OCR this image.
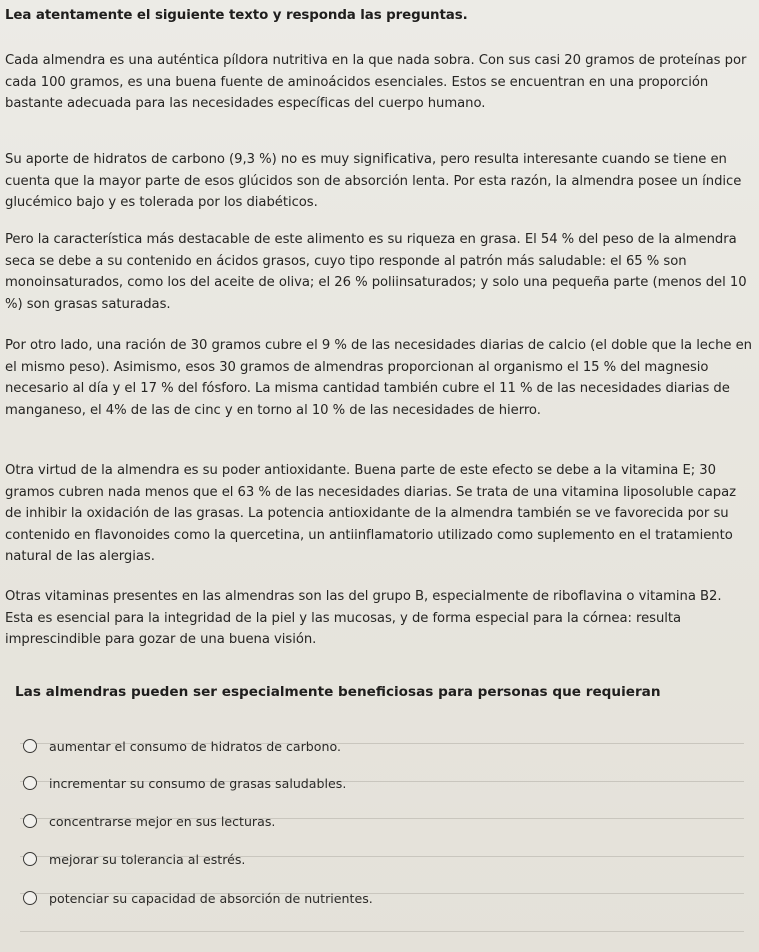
Lea atentamente el siguiente texto y responda las preguntas.
Cada almendra es una auténtica píldora nutritiva en la que nada sobra. Con sus casi 20 gramos de proteínas por cada 100 gramos, es una buena fuente de aminoácidos esenciales. Estos se encuentran en una proporción bastante adecuada para las necesidades específicas del cuerpo humano.
Su aporte de hidratos de carbono (9,3 %) no es muy significativa, pero resulta interesante cuando se tiene en cuenta que la mayor parte de esos glúcidos son de absorción lenta. Por esta razón, la almendra posee un índice glucémico bajo y es tolerada por los diabéticos.
Pero la característica más destacable de este alimento es su riqueza en grasa. El 54 % del peso de la almendra seca se debe a su contenido en ácidos grasos, cuyo tipo responde al patrón más saludable: el 65 % son monoinsaturados, como los del aceite de oliva; el 26 % poliinsaturados; y solo una pequeña parte (menos del 10 %) son grasas saturadas.
Por otro lado, una ración de 30 gramos cubre el 9 % de las necesidades diarias de calcio (el doble que la leche en el mismo peso). Asimismo, esos 30 gramos de almendras proporcionan al organismo el 15 % del magnesio necesario al día y el 17 % del fósforo. La misma cantidad también cubre el 11 % de las necesidades diarias de manganeso, el 4% de las de cinc y en torno al 10 % de las necesidades de hierro.
Otra virtud de la almendra es su poder antioxidante. Buena parte de este efecto se debe a la vitamina E; 30 gramos cubren nada menos que el 63 % de las necesidades diarias. Se trata de una vitamina liposoluble capaz de inhibir la oxidación de las grasas. La potencia antioxidante de la almendra también se ve favorecida por su contenido en flavonoides como la quercetina, un antiinflamatorio utilizado como suplemento en el tratamiento natural de las alergias.
Otras vitaminas presentes en las almendras son las del grupo B, especialmente de riboflavina o vitamina B2. Esta es esencial para la integridad de la piel y las mucosas, y de forma especial para la córnea: resulta imprescindible para gozar de una buena visión.
Las almendras pueden ser especialmente beneficiosas para personas que requieran
aumentar el consumo de hidratos de carbono.
incrementar su consumo de grasas saludables.
concentrarse mejor en sus lecturas.
mejorar su tolerancia al estrés.
potenciar su capacidad de absorción de nutrientes.
